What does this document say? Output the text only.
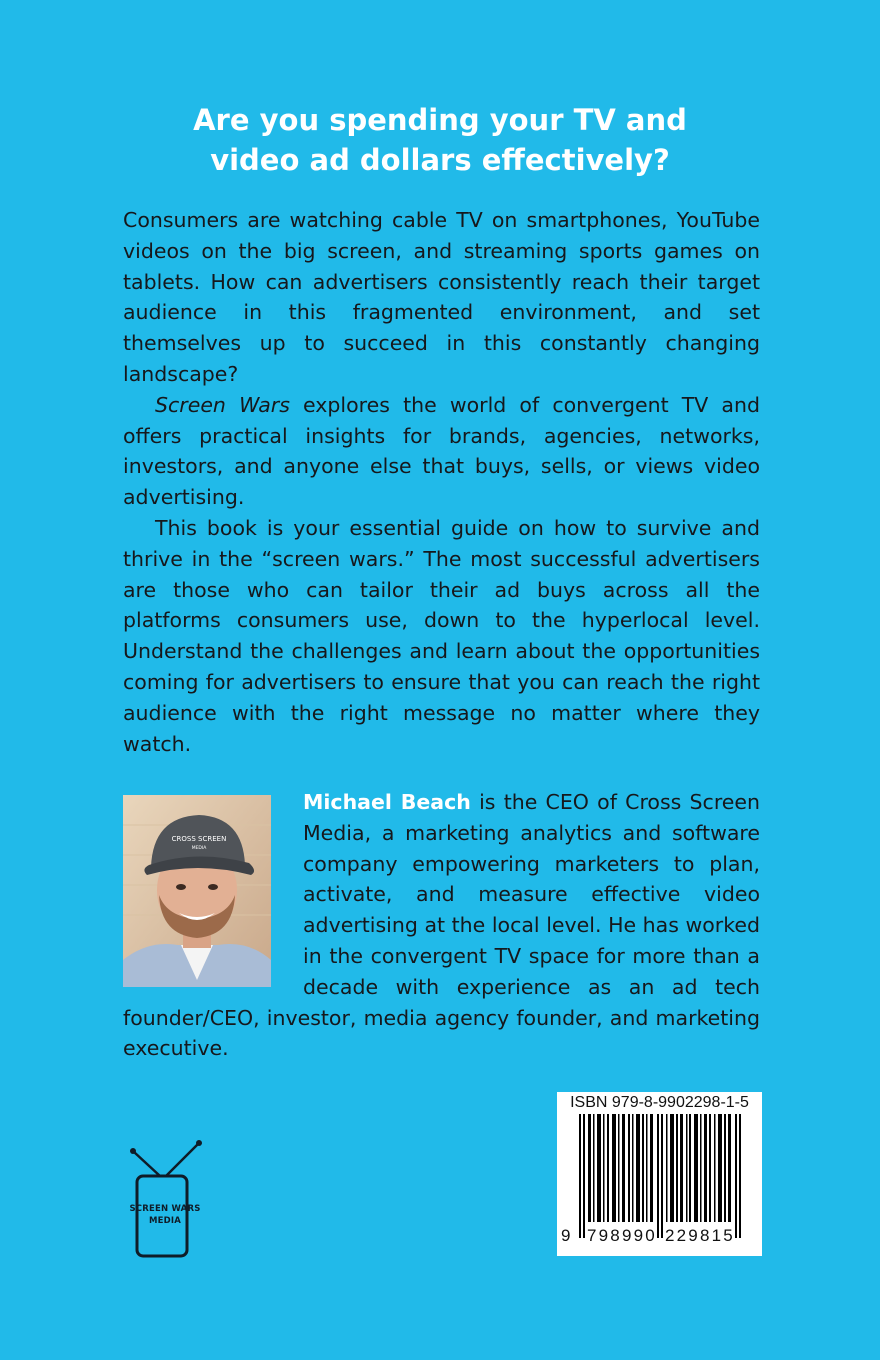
Are you spending your TV and
video ad dollars effectively?

Consumers are watching cable TV on smartphones, YouTube videos on the big screen, and streaming sports games on tablets. How can advertisers consistently reach their target audience in this fragmented environment, and set themselves up to succeed in this constantly changing landscape?

Screen Wars explores the world of convergent TV and offers practical insights for brands, agencies, networks, investors, and anyone else that buys, sells, or views video advertising.

This book is your essential guide on how to survive and thrive in the “screen wars.” The most successful advertisers are those who can tailor their ad buys across all the platforms consumers use, down to the hyperlocal level. Understand the challenges and learn about the opportunities coming for advertisers to ensure that you can reach the right audience with the right message no matter where they watch.

CROSS SCREEN
MEDIA
Michael Beach is the CEO of Cross Screen Media, a marketing analytics and software company empowering marketers to plan, activate, and measure effective video advertising at the local level. He has worked in the convergent TV space for more than a decade with experience as an ad tech founder/CEO, investor, media agency founder, and marketing executive.
ISBN 979-8-9902298-1-5
9 798990 229815
SCREEN WARS
MEDIA
